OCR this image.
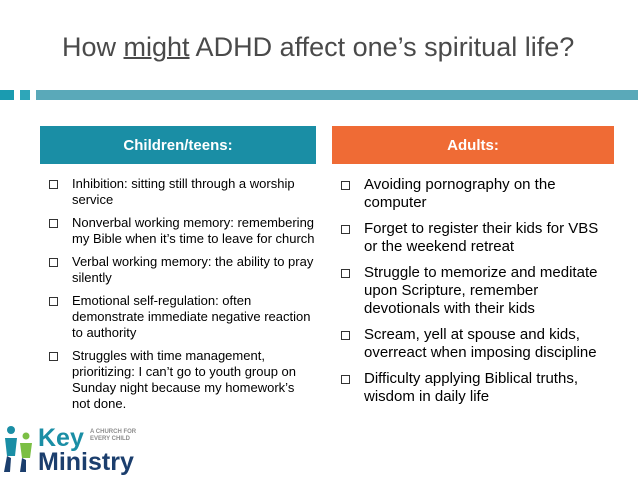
How might ADHD affect one’s spiritual life?
Children/teens:	Adults:
Inhibition: sitting still through a worship service
Nonverbal working memory: remembering my Bible when it’s time to leave for church
Verbal working memory: the ability to pray silently
Emotional self-regulation: often demonstrate immediate negative reaction to authority
Struggles with time management, prioritizing: I can’t go to youth group on Sunday night because my homework’s not done.
Avoiding pornography on the computer
Forget to register their kids for VBS or the weekend retreat
Struggle to memorize and meditate upon Scripture, remember devotionals with their kids
Scream, yell at spouse and kids, overreact when imposing discipline
Difficulty applying Biblical truths, wisdom in daily life
Key A CHURCH FOR EVERY CHILD
Ministry
